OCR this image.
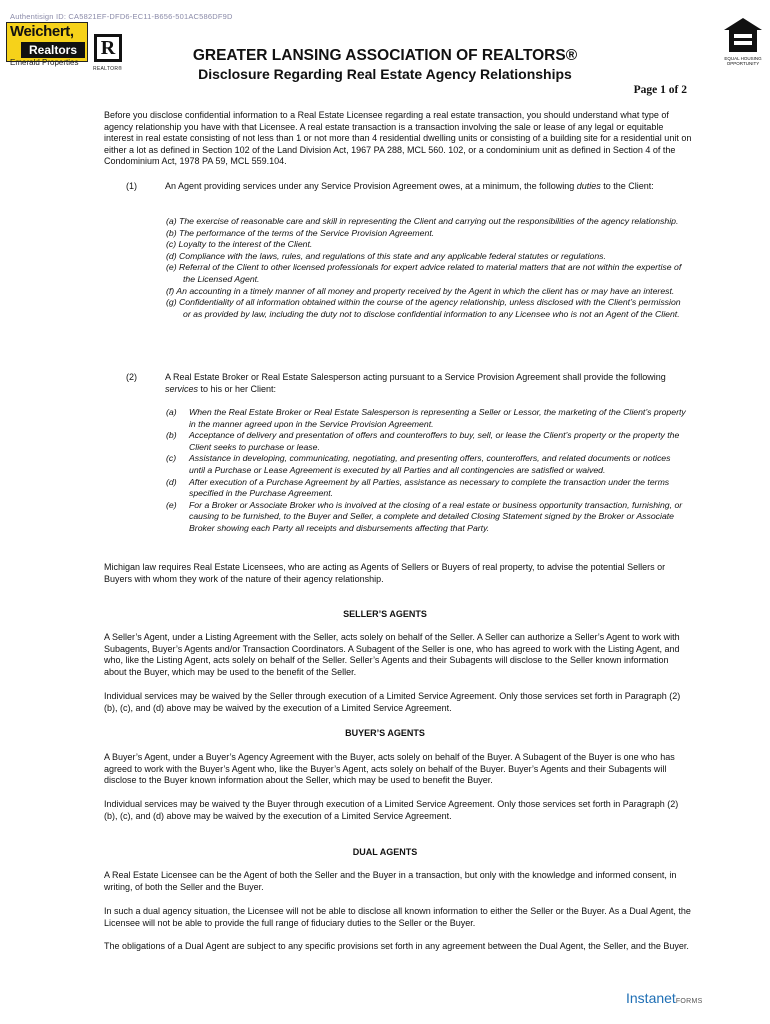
Authentisign ID: CA5821EF-DFD6-EC11-B656-501AC586DF9D
Weichert,
Realtors
Emerald Properties
R
REALTOR®
EQUAL HOUSING OPPORTUNITY
GREATER LANSING ASSOCIATION OF REALTORS®
Disclosure Regarding Real Estate Agency Relationships
Page 1 of 2
Before you disclose confidential information to a Real Estate Licensee regarding a real estate transaction, you should understand what type of agency relationship you have with that Licensee. A real estate transaction is a transaction involving the sale or lease of any legal or equitable interest in real estate consisting of not less than 1 or not more than 4 residential dwelling units or consisting of a building site for a residential unit on either a lot as defined in Section 102 of the Land Division Act, 1967 PA 288, MCL 560. 102, or a condominium unit as defined in Section 4 of the Condominium Act, 1978 PA 59, MCL 559.104.
(1)	An Agent providing services under any Service Provision Agreement owes, at a minimum, the following duties to the Client:
(a) The exercise of reasonable care and skill in representing the Client and carrying out the responsibilities of the agency relationship.
(b) The performance of the terms of the Service Provision Agreement.
(c) Loyalty to the interest of the Client.
(d) Compliance with the laws, rules, and regulations of this state and any applicable federal statutes or regulations.
(e) Referral of the Client to other licensed professionals for expert advice related to material matters that are not within the expertise of the Licensed Agent.
(f) An accounting in a timely manner of all money and property received by the Agent in which the client has or may have an interest.
(g) Confidentiality of all information obtained within the course of the agency relationship, unless disclosed with the Client’s permission or as provided by law, including the duty not to disclose confidential information to any Licensee who is not an Agent of the Client.
(2)	A Real Estate Broker or Real Estate Salesperson acting pursuant to a Service Provision Agreement shall provide the following services to his or her Client:
(a)	When the Real Estate Broker or Real Estate Salesperson is representing a Seller or Lessor, the marketing of the Client’s property in the manner agreed upon in the Service Provision Agreement.
(b)	Acceptance of delivery and presentation of offers and counteroffers to buy, sell, or lease the Client’s property or the property the Client seeks to purchase or lease.
(c)	Assistance in developing, communicating, negotiating, and presenting offers, counteroffers, and related documents or notices until a Purchase or Lease Agreement is executed by all Parties and all contingencies are satisfied or waived.
(d)	After execution of a Purchase Agreement by all Parties, assistance as necessary to complete the transaction under the terms specified in the Purchase Agreement.
(e)	For a Broker or Associate Broker who is involved at the closing of a real estate or business opportunity transaction, furnishing, or causing to be furnished, to the Buyer and Seller, a complete and detailed Closing Statement signed by the Broker or Associate Broker showing each Party all receipts and disbursements affecting that Party.
Michigan law requires Real Estate Licensees, who are acting as Agents of Sellers or Buyers of real property, to advise the potential Sellers or Buyers with whom they work of the nature of their agency relationship.
SELLER’S AGENTS
A Seller’s Agent, under a Listing Agreement with the Seller, acts solely on behalf of the Seller. A Seller can authorize a Seller’s Agent to work with Subagents, Buyer’s Agents and/or Transaction Coordinators. A Subagent of the Seller is one, who has agreed to work with the Listing Agent, and who, like the Listing Agent, acts solely on behalf of the Seller. Seller’s Agents and their Subagents will disclose to the Seller known information about the Buyer, which may be used to the benefit of the Seller.
Individual services may be waived by the Seller through execution of a Limited Service Agreement. Only those services set forth in Paragraph (2) (b), (c), and (d) above may be waived by the execution of a Limited Service Agreement.
BUYER’S AGENTS
A Buyer’s Agent, under a Buyer’s Agency Agreement with the Buyer, acts solely on behalf of the Buyer. A Subagent of the Buyer is one who has agreed to work with the Buyer’s Agent who, like the Buyer’s Agent, acts solely on behalf of the Buyer. Buyer’s Agents and their Subagents will disclose to the Buyer known information about the Seller, which may be used to benefit the Buyer.
Individual services may be waived ty the Buyer through execution of a Limited Service Agreement. Only those services set forth in Paragraph (2) (b), (c), and (d) above may be waived by the execution of a Limited Service Agreement.
DUAL AGENTS
A Real Estate Licensee can be the Agent of both the Seller and the Buyer in a transaction, but only with the knowledge and informed consent, in writing, of both the Seller and the Buyer.
In such a dual agency situation, the Licensee will not be able to disclose all known information to either the Seller or the Buyer. As a Dual Agent, the Licensee will not be able to provide the full range of fiduciary duties to the Seller or the Buyer.
The obligations of a Dual Agent are subject to any specific provisions set forth in any agreement between the Dual Agent, the Seller, and the Buyer.
InstanetFORMS
